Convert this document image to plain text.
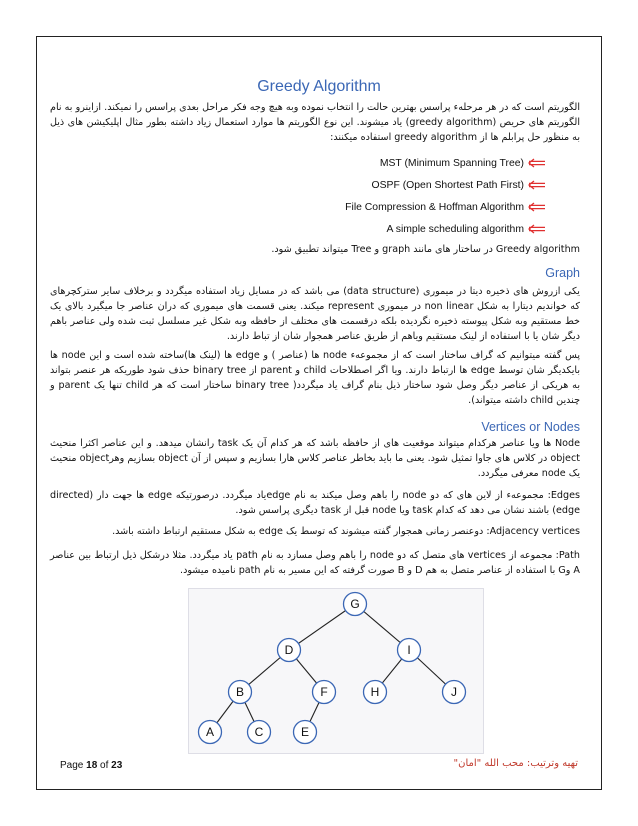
Greedy Algorithm

الگوریتم است که در هر مرحله‌ء پراسس بهترین حالت را انتخاب نموده وبه هیچ وجه فکر مراحل بعدی پراسس را نمیکند. ازاینرو به نام الگوریتم های حریص (greedy algorithm) یاد میشوند. این نوع الگوریتم ها موارد استعمال زیاد داشته بطور مثال اپلیکیشن های ذیل به منظور حل پرابلم ها از greedy algorithm استفاده میکنند:

MST (Minimum Spanning Tree)
OSPF (Open Shortest Path First)
File Compression & Hoffman Algorithm
A simple scheduling algorithm

Greedy algorithm در ساختار های مانند graph و Tree میتواند تطبیق شود.

Graph

یکی ازروش های ذخیره دیتا در میموری (data structure) می باشد که در مسایل زیاد استفاده میگردد و برخلاف سایر ستركچرهای که خواندیم دیتارا به شكل non linear در میموری represent میکند. یعنی قسمت های میموری که دران عناصر جا میگیرد بالای یک خط مستقیم وبه شكل پیوسته ذخیره نگردیده بلکه درقسمت های مختلف از حافظه وبه شكل غیر مسلسل ثبت شده ولی عناصر باهم دیگر شان یا با استفاده از لینک مستقیم ویاهم از طریق عناصر همجوار شان از تباط دارند.

پس گفته میتوانیم که گراف ساختار است که از مجموعه‌ء node ها (عناصر ) و edge ها (لینک ها)ساخته شده است و این node ها بایکدیگر شان توسط edge ها ارتباط دارند. ویا اگر اصطلاحات child و parent از binary tree حذف شود طوریکه هر عنصر بتواند به هریکی از عناصر دیگر وصل شود ساختار ذیل بنام گراف یاد میگردد( binary tree ساختار است که هر child تنها یک parent و چندین child داشته میتواند).

Vertices or Nodes

Node ها ویا عناصر هرکدام میتواند موقعیت های از حافظه باشد که هر کدام آن یک task رانشان میدهد. و این عناصر اکثرا منحیث object در کلاس های جاوا تمثیل شود. یعنی ما باید بخاطر عناصر کلاس هارا بسازیم و سپس از آن object بسازیم وهرobject منحیث یک node معرفی میگردد.

Edges: مجموعه‌ء از لاین های که دو node را باهم وصل میکند به نام edgeیاد میگردد. درصورتیکه edge ها جهت دار (directed edge) باشند نشان می دهد که کدام task ویا node قبل از task دیگری پراسس شود.

Adjacency vertices: دوعنصر زمانی همجوار گفته میشوند که توسط یک edge به شکل مستقیم ارتباط داشته باشد.

Path: مجموعه از vertices های متصل که دو node را باهم وصل مسازد به نام path یاد میگردد. مثلا درشکل ذیل ارتباط بین عناصر A وG با استفاده از عناصر متصل به هم D و B صورت گرفته که این مسیر به نام path نامیده میشود.

G
D	I
B	F	H	J
A	C	E
Page 18 of 23	تهیه وترتیب: محب الله "امان"
